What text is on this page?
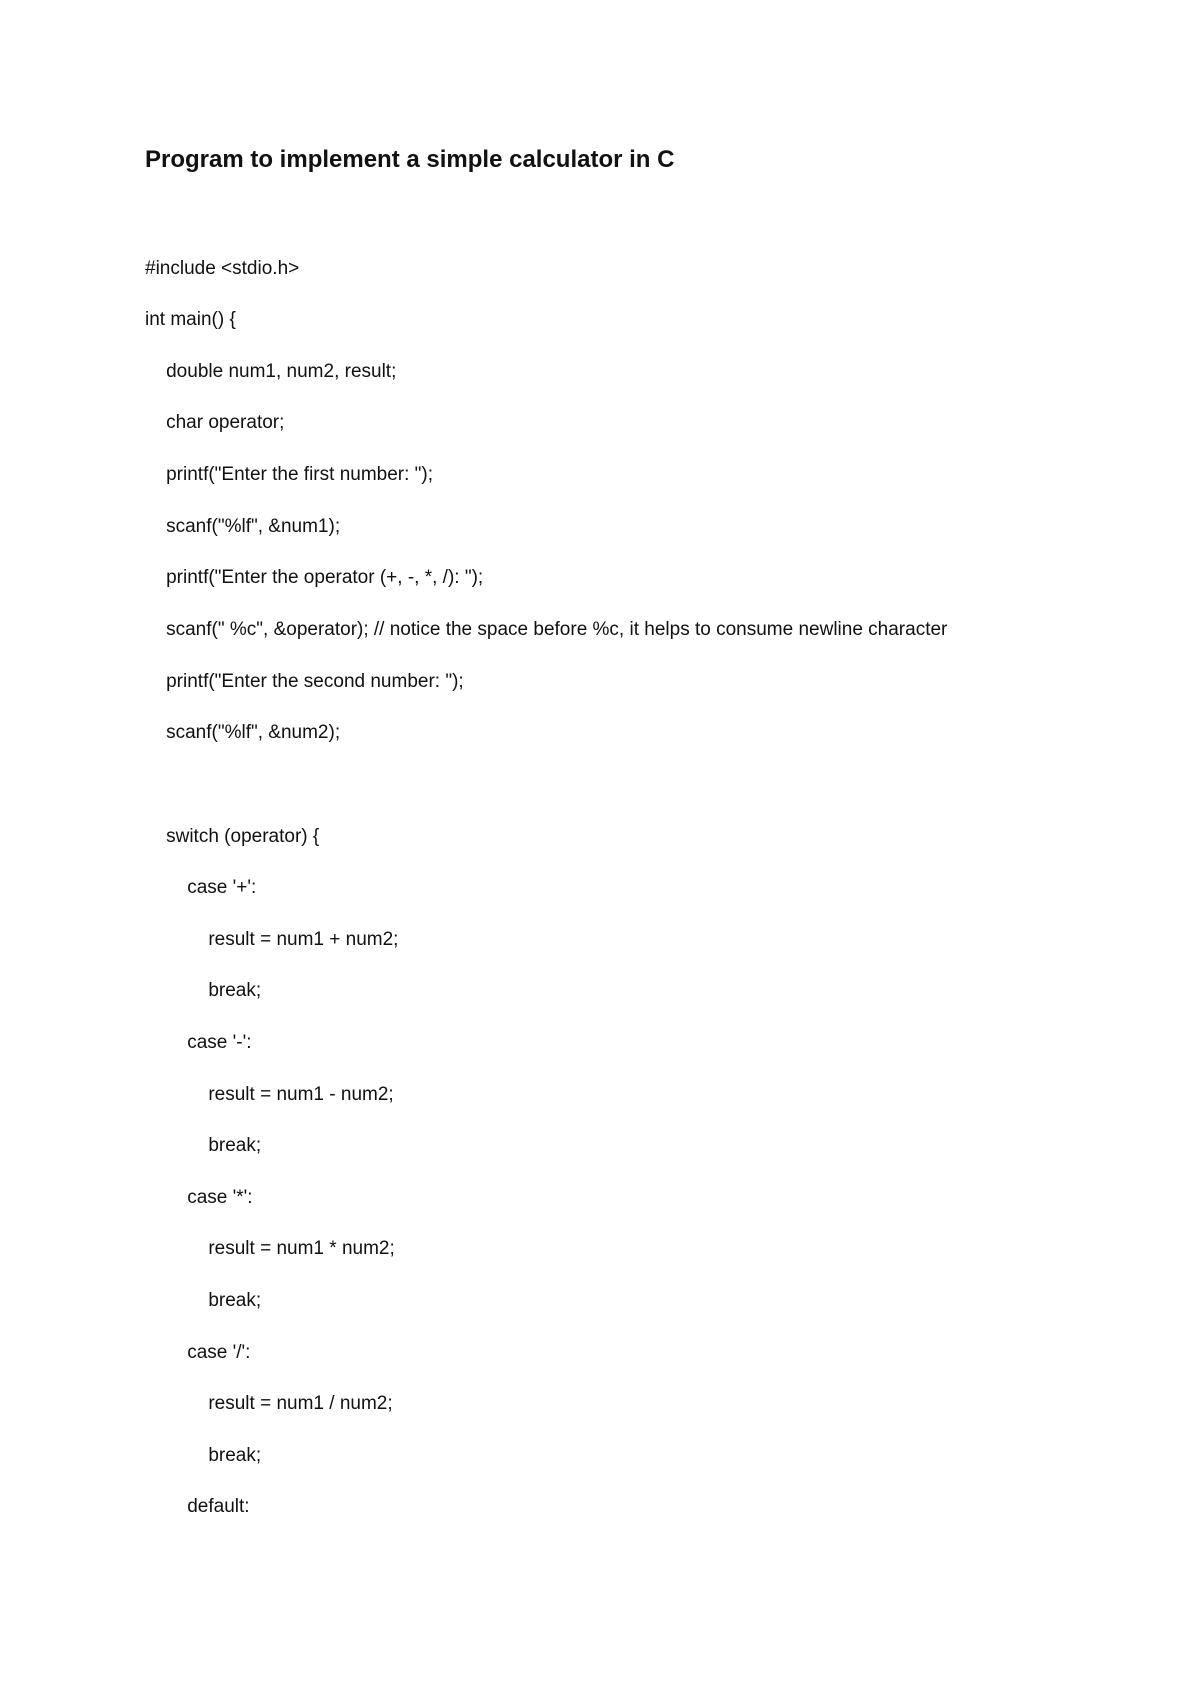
Program to implement a simple calculator in C
#include <stdio.h>
int main() {
double num1, num2, result;
char operator;
printf("Enter the first number: ");
scanf("%lf", &num1);
printf("Enter the operator (+, -, *, /): ");
scanf(" %c", &operator); // notice the space before %c, it helps to consume newline character
printf("Enter the second number: ");
scanf("%lf", &num2);
switch (operator) {
case '+':
result = num1 + num2;
break;
case '-':
result = num1 - num2;
break;
case '*':
result = num1 * num2;
break;
case '/':
result = num1 / num2;
break;
default:
